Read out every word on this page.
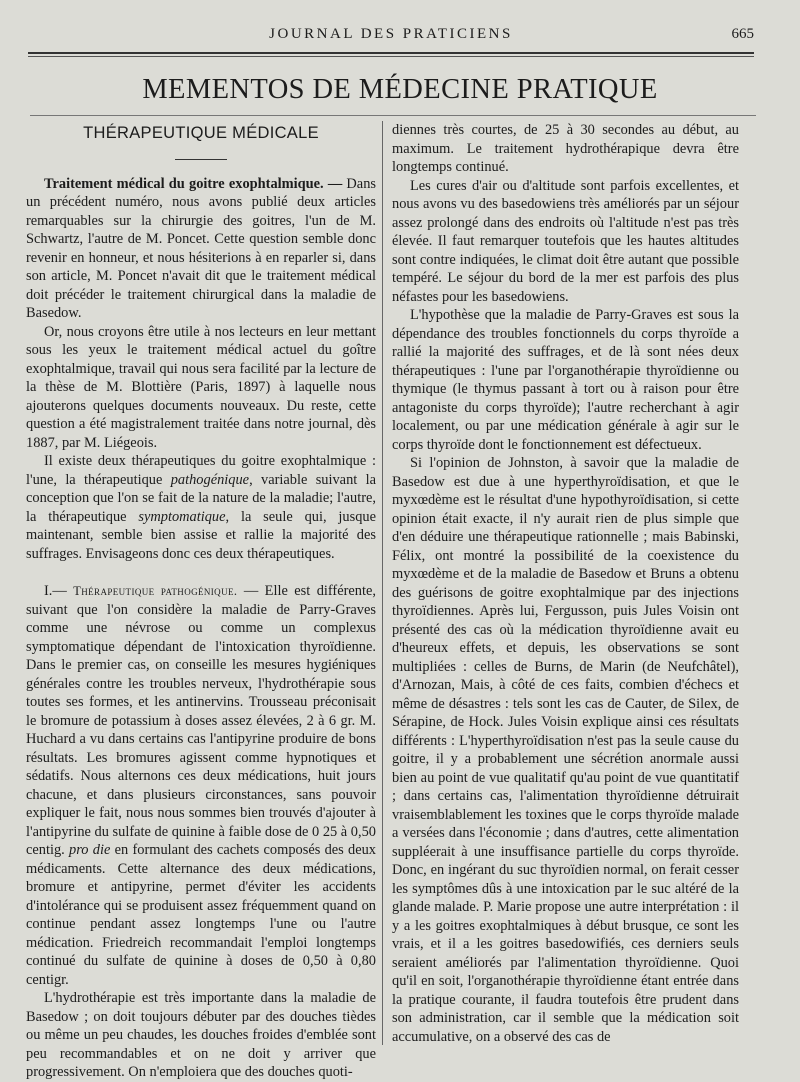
JOURNAL DES PRATICIENS	665
MEMENTOS DE MÉDECINE PRATIQUE
THÉRAPEUTIQUE MÉDICALE

Traitement médical du goitre exophtalmique. — Dans un précédent numéro, nous avons publié deux articles remarquables sur la chirurgie des goitres, l'un de M. Schwartz, l'autre de M. Poncet. Cette question semble donc revenir en honneur, et nous hésiterions à en reparler si, dans son article, M. Poncet n'avait dit que le traitement médical doit précéder le traitement chirurgical dans la maladie de Basedow.

Or, nous croyons être utile à nos lecteurs en leur mettant sous les yeux le traitement médical actuel du goître exophtalmique, travail qui nous sera facilité par la lecture de la thèse de M. Blottière (Paris, 1897) à laquelle nous ajouterons quelques documents nouveaux. Du reste, cette question a été magistralement traitée dans notre journal, dès 1887, par M. Liégeois.

Il existe deux thérapeutiques du goitre exophtalmique : l'une, la thérapeutique pathogénique, variable suivant la conception que l'on se fait de la nature de la maladie; l'autre, la thérapeutique symptomatique, la seule qui, jusque maintenant, semble bien assise et rallie la majorité des suffrages. Envisageons donc ces deux thérapeutiques.

I.— Thérapeutique pathogénique. — Elle est différente, suivant que l'on considère la maladie de Parry-Graves comme une névrose ou comme un complexus symptomatique dépendant de l'intoxication thyroïdienne. Dans le premier cas, on conseille les mesures hygiéniques générales contre les troubles nerveux, l'hydrothérapie sous toutes ses formes, et les antinervins. Trousseau préconisait le bromure de potassium à doses assez élevées, 2 à 6 gr. M. Huchard a vu dans certains cas l'antipyrine produire de bons résultats. Les bromures agissent comme hypnotiques et sédatifs. Nous alternons ces deux médications, huit jours chacune, et dans plusieurs circonstances, sans pouvoir expliquer le fait, nous nous sommes bien trouvés d'ajouter à l'antipyrine du sulfate de quinine à faible dose de 0 25 à 0,50 centig. pro die en formulant des cachets composés des deux médicaments. Cette alternance des deux médications, bromure et antipyrine, permet d'éviter les accidents d'intolérance qui se produisent assez fréquemment quand on continue pendant assez longtemps l'une ou l'autre médication. Friedreich recommandait l'emploi longtemps continué du sulfate de quinine à doses de 0,50 à 0,80 centigr.

L'hydrothérapie est très importante dans la maladie de Basedow ; on doit toujours débuter par des douches tièdes ou même un peu chaudes, les douches froides d'emblée sont peu recommandables et on ne doit y arriver que progressivement. On n'emploiera que des douches quoti-

diennes très courtes, de 25 à 30 secondes au début, au maximum. Le traitement hydrothérapique devra être longtemps continué.

Les cures d'air ou d'altitude sont parfois excellentes, et nous avons vu des basedowiens très améliorés par un séjour assez prolongé dans des endroits où l'altitude n'est pas très élevée. Il faut remarquer toutefois que les hautes altitudes sont contre indiquées, le climat doit être autant que possible tempéré. Le séjour du bord de la mer est parfois des plus néfastes pour les basedowiens.

L'hypothèse que la maladie de Parry-Graves est sous la dépendance des troubles fonctionnels du corps thyroïde a rallié la majorité des suffrages, et de là sont nées deux thérapeutiques : l'une par l'organothérapie thyroïdienne ou thymique (le thymus passant à tort ou à raison pour être antagoniste du corps thyroïde); l'autre recherchant à agir localement, ou par une médication générale à agir sur le corps thyroïde dont le fonctionnement est défectueux.

Si l'opinion de Johnston, à savoir que la maladie de Basedow est due à une hyperthyroïdisation, et que le myxœdème est le résultat d'une hypothyroïdisation, si cette opinion était exacte, il n'y aurait rien de plus simple que d'en déduire une thérapeutique rationnelle ; mais Babinski, Félix, ont montré la possibilité de la coexistence du myxœdème et de la maladie de Basedow et Bruns a obtenu des guérisons de goitre exophtalmique par des injections thyroïdiennes. Après lui, Fergusson, puis Jules Voisin ont présenté des cas où la médication thyroïdienne avait eu d'heureux effets, et depuis, les observations se sont multipliées : celles de Burns, de Marin (de Neufchâtel), d'Arnozan, Mais, à côté de ces faits, combien d'échecs et même de désastres : tels sont les cas de Cauter, de Silex, de Sérapine, de Hock. Jules Voisin explique ainsi ces résultats différents : L'hyperthyroïdisation n'est pas la seule cause du goitre, il y a probablement une sécrétion anormale aussi bien au point de vue qualitatif qu'au point de vue quantitatif ; dans certains cas, l'alimentation thyroïdienne détruirait vraisemblablement les toxines que le corps thyroïde malade a versées dans l'économie ; dans d'autres, cette alimentation suppléerait à une insuffisance partielle du corps thyroïde. Donc, en ingérant du suc thyroïdien normal, on ferait cesser les symptômes dûs à une intoxication par le suc altéré de la glande malade. P. Marie propose une autre interprétation : il y a les goitres exophtalmiques à début brusque, ce sont les vrais, et il a les goitres basedowifiés, ces derniers seuls seraient améliorés par l'alimentation thyroïdienne. Quoi qu'il en soit, l'organothérapie thyroïdienne étant entrée dans la pratique courante, il faudra toutefois être prudent dans son administration, car il semble que la médication soit accumulative, on a observé des cas de
